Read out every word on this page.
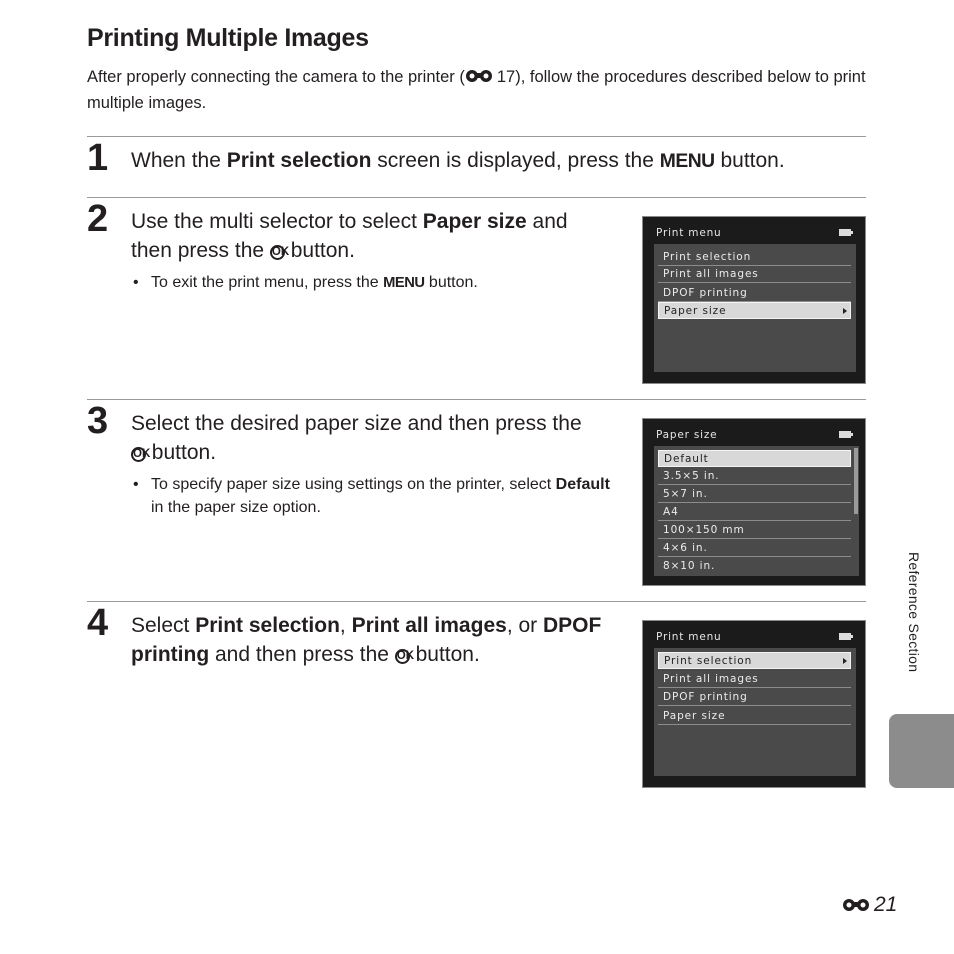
Printing Multiple Images

After properly connecting the camera to the printer ( 17), follow the procedures described below to print multiple images.

1 When the Print selection screen is displayed, press the MENU button.

2 Use the multi selector to select Paper size and then press the OK button.

• To exit the print menu, press the MENU button.

Print menu
Print selection
Print all images
DPOF printing
Paper size
3 Select the desired paper size and then press the OK button.

• To specify paper size using settings on the printer, select Default in the paper size option.

Paper size
Default
3.5×5 in.
5×7 in.
A4
100×150 mm
4×6 in.
8×10 in.
4 Select Print selection, Print all images, or DPOF printing and then press the OK button.

Print menu
Print selection
Print all images
DPOF printing
Paper size
Reference Section
21
